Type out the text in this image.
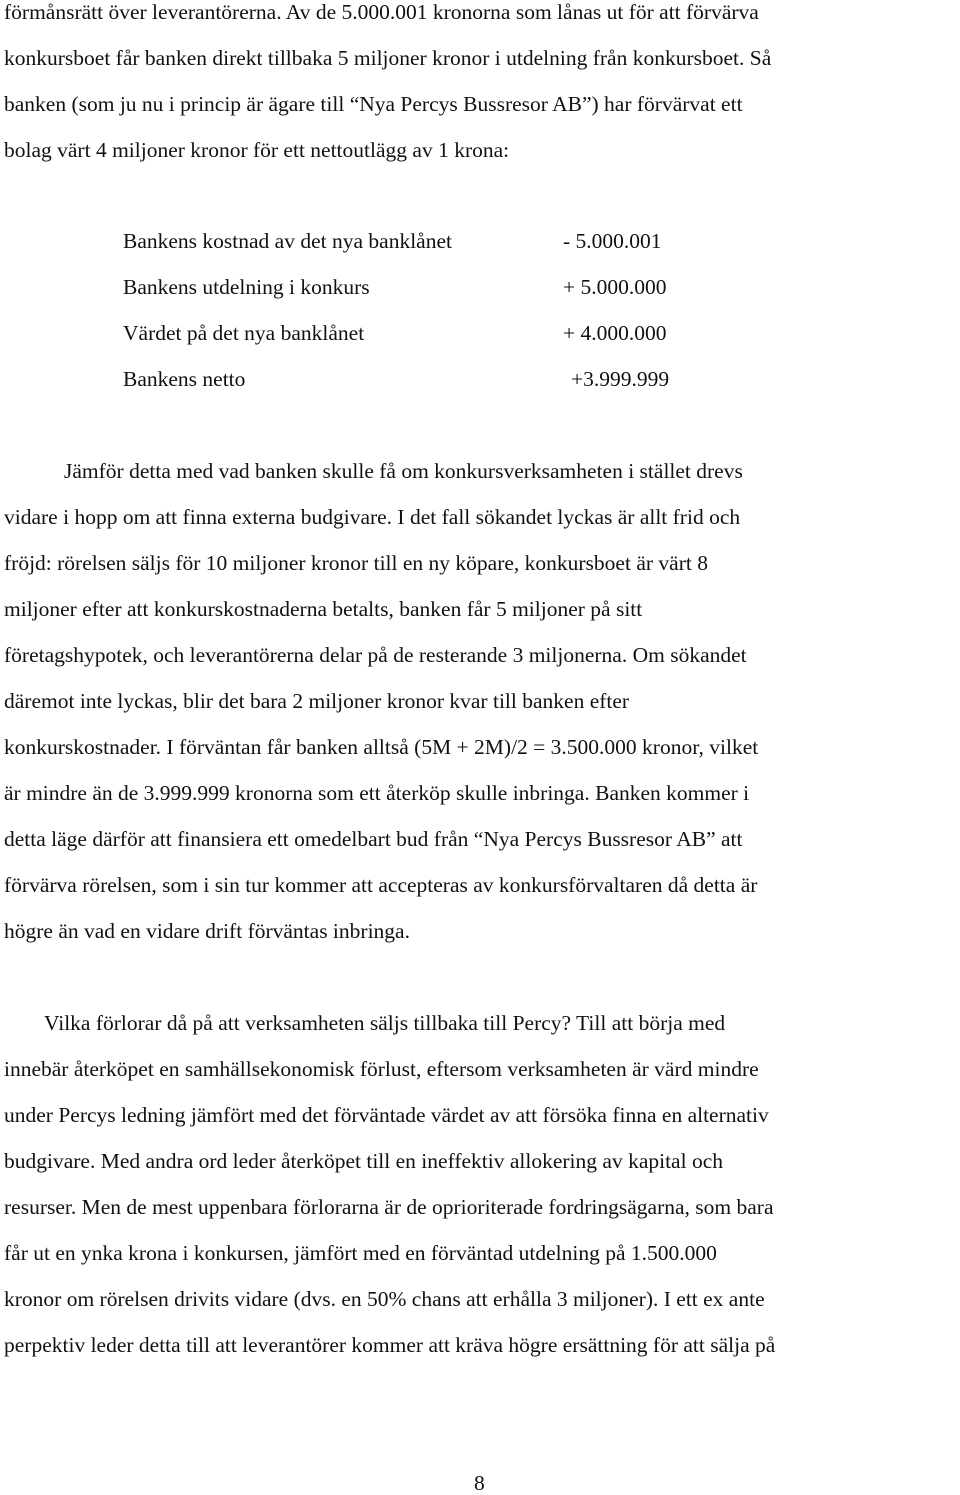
förmånsrätt över leverantörerna. Av de 5.000.001 kronorna som lånas ut för att förvärva
konkursboet får banken direkt tillbaka 5 miljoner kronor i utdelning från konkursboet. Så
banken (som ju nu i princip är ägare till “Nya Percys Bussresor AB”) har förvärvat ett
bolag värt 4 miljoner kronor för ett nettoutlägg av 1 krona:
Bankens kostnad av det nya banklånet	- 5.000.001
Bankens utdelning i konkurs	+ 5.000.000
Värdet på det nya banklånet	+ 4.000.000
Bankens netto	+3.999.999
Jämför detta med vad banken skulle få om konkursverksamheten i stället drevs
vidare i hopp om att finna externa budgivare. I det fall sökandet lyckas är allt frid och
fröjd: rörelsen säljs för 10 miljoner kronor till en ny köpare, konkursboet är värt 8
miljoner efter att konkurskostnaderna betalts, banken får 5 miljoner på sitt
företagshypotek, och leverantörerna delar på de resterande 3 miljonerna. Om sökandet
däremot inte lyckas, blir det bara 2 miljoner kronor kvar till banken efter
konkurskostnader. I förväntan får banken alltså (5M + 2M)/2 = 3.500.000 kronor, vilket
är mindre än de 3.999.999 kronorna som ett återköp skulle inbringa. Banken kommer i
detta läge därför att finansiera ett omedelbart bud från “Nya Percys Bussresor AB” att
förvärva rörelsen, som i sin tur kommer att accepteras av konkursförvaltaren då detta är
högre än vad en vidare drift förväntas inbringa.
Vilka förlorar då på att verksamheten säljs tillbaka till Percy? Till att börja med
innebär återköpet en samhällsekonomisk förlust, eftersom verksamheten är värd mindre
under Percys ledning jämfört med det förväntade värdet av att försöka finna en alternativ
budgivare. Med andra ord leder återköpet till en ineffektiv allokering av kapital och
resurser. Men de mest uppenbara förlorarna är de oprioriterade fordringsägarna, som bara
får ut en ynka krona i konkursen, jämfört med en förväntad utdelning på 1.500.000
kronor om rörelsen drivits vidare (dvs. en 50% chans att erhålla 3 miljoner). I ett ex ante
perpektiv leder detta till att leverantörer kommer att kräva högre ersättning för att sälja på
8
